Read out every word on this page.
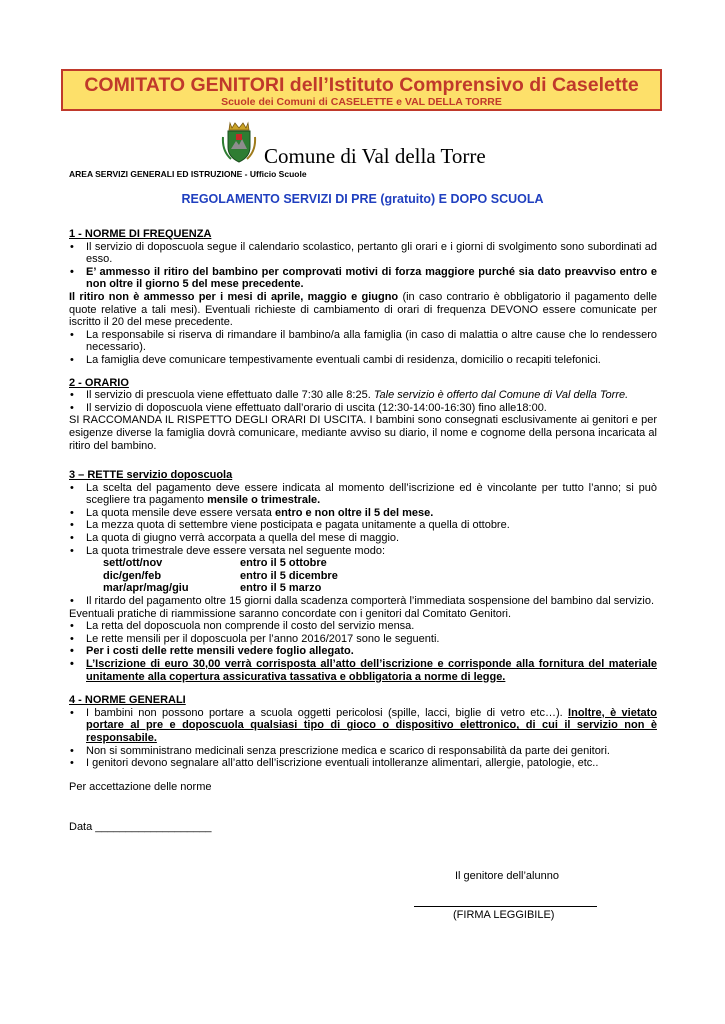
COMITATO GENITORI dell’Istituto Comprensivo di Caselette
Scuole dei Comuni di CASELETTE e VAL DELLA TORRE
Comune di Val della Torre
AREA SERVIZI GENERALI ED ISTRUZIONE - Ufficio Scuole
REGOLAMENTO SERVIZI DI PRE (gratuito) E DOPO SCUOLA
1 - NORME DI FREQUENZA
• Il servizio di doposcuola segue il calendario scolastico, pertanto gli orari e i giorni di svolgimento sono subordinati ad esso.
• E’ ammesso il ritiro del bambino per comprovati motivi di forza maggiore purché sia dato preavviso entro e non oltre il giorno 5 del mese precedente.
Il ritiro non è ammesso per i mesi di aprile, maggio e giugno (in caso contrario è obbligatorio il pagamento delle quote relative a tali mesi). Eventuali richieste di cambiamento di orari di frequenza DEVONO essere comunicate per iscritto il 20 del mese precedente.
• La responsabile si riserva di rimandare il bambino/a alla famiglia (in caso di malattia o altre cause che lo rendessero necessario).
• La famiglia deve comunicare tempestivamente eventuali cambi di residenza, domicilio o recapiti telefonici.
2 - ORARIO
• Il servizio di prescuola viene effettuato dalle 7:30 alle 8:25. Tale servizio è offerto dal Comune di Val della Torre.
• Il servizio di doposcuola viene effettuato dall’orario di uscita (12:30-14:00-16:30) fino alle18:00.
SI RACCOMANDA IL RISPETTO DEGLI ORARI DI USCITA. I bambini sono consegnati esclusivamente ai genitori e per esigenze diverse la famiglia dovrà comunicare, mediante avviso su diario, il nome e cognome della persona incaricata al ritiro del bambino.
3 – RETTE servizio doposcuola
• La scelta del pagamento deve essere indicata al momento dell’iscrizione ed è vincolante per tutto l’anno; si può scegliere tra pagamento mensile o trimestrale.
• La quota mensile deve essere versata entro e non oltre il 5 del mese.
• La mezza quota di settembre viene posticipata e pagata unitamente a quella di ottobre.
• La quota di giugno verrà accorpata a quella del mese di maggio.
• La quota trimestrale deve essere versata nel seguente modo:
sett/ott/nov	entro il 5 ottobre
dic/gen/feb	entro il 5 dicembre
mar/apr/mag/giu	entro il 5 marzo
• Il ritardo del pagamento oltre 15 giorni dalla scadenza comporterà l’immediata sospensione del bambino dal servizio.
Eventuali pratiche di riammissione saranno concordate con i genitori dal Comitato Genitori.
• La retta del doposcuola non comprende il costo del servizio mensa.
• Le rette mensili per il doposcuola per l’anno 2016/2017 sono le seguenti.
• Per i costi delle rette mensili vedere foglio allegato.
• L’Iscrizione di euro 30,00 verrà corrisposta all’atto dell’iscrizione e corrisponde alla fornitura del materiale unitamente alla copertura assicurativa tassativa e obbligatoria a norme di legge.
4 - NORME GENERALI
• I bambini non possono portare a scuola oggetti pericolosi (spille, lacci, biglie di vetro etc…). Inoltre, è vietato portare al pre e doposcuola qualsiasi tipo di gioco o dispositivo elettronico, di cui il servizio non è responsabile.
• Non si somministrano medicinali senza prescrizione medica e scarico di responsabilità da parte dei genitori.
• I genitori devono segnalare all’atto dell’iscrizione eventuali intolleranze alimentari, allergie, patologie, etc..
Per accettazione delle norme
Data ___________________
Il genitore dell’alunno
(FIRMA LEGGIBILE)
